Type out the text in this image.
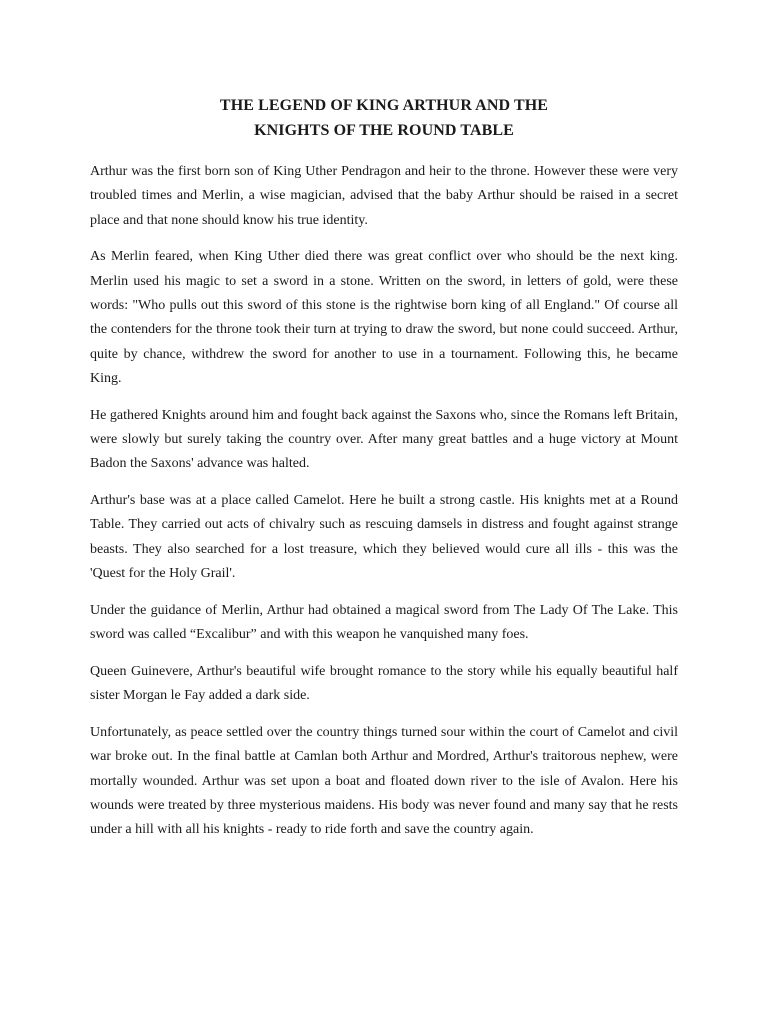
THE LEGEND OF KING ARTHUR AND THE
KNIGHTS OF THE ROUND TABLE

Arthur was the first born son of King Uther Pendragon and heir to the throne. However these were very troubled times and Merlin, a wise magician, advised that the baby Arthur should be raised in a secret place and that none should know his true identity.

As Merlin feared, when King Uther died there was great conflict over who should be the next king. Merlin used his magic to set a sword in a stone. Written on the sword, in letters of gold, were these words: "Who pulls out this sword of this stone is the rightwise born king of all England." Of course all the contenders for the throne took their turn at trying to draw the sword, but none could succeed. Arthur, quite by chance, withdrew the sword for another to use in a tournament. Following this, he became King.

He gathered Knights around him and fought back against the Saxons who, since the Romans left Britain, were slowly but surely taking the country over. After many great battles and a huge victory at Mount Badon the Saxons' advance was halted.

Arthur's base was at a place called Camelot. Here he built a strong castle. His knights met at a Round Table. They carried out acts of chivalry such as rescuing damsels in distress and fought against strange beasts. They also searched for a lost treasure, which they believed would cure all ills - this was the 'Quest for the Holy Grail'.

Under the guidance of Merlin, Arthur had obtained a magical sword from The Lady Of The Lake. This sword was called “Excalibur” and with this weapon he vanquished many foes.

Queen Guinevere, Arthur's beautiful wife brought romance to the story while his equally beautiful half sister Morgan le Fay added a dark side.

Unfortunately, as peace settled over the country things turned sour within the court of Camelot and civil war broke out. In the final battle at Camlan both Arthur and Mordred, Arthur's traitorous nephew, were mortally wounded. Arthur was set upon a boat and floated down river to the isle of Avalon. Here his wounds were treated by three mysterious maidens. His body was never found and many say that he rests under a hill with all his knights - ready to ride forth and save the country again.
